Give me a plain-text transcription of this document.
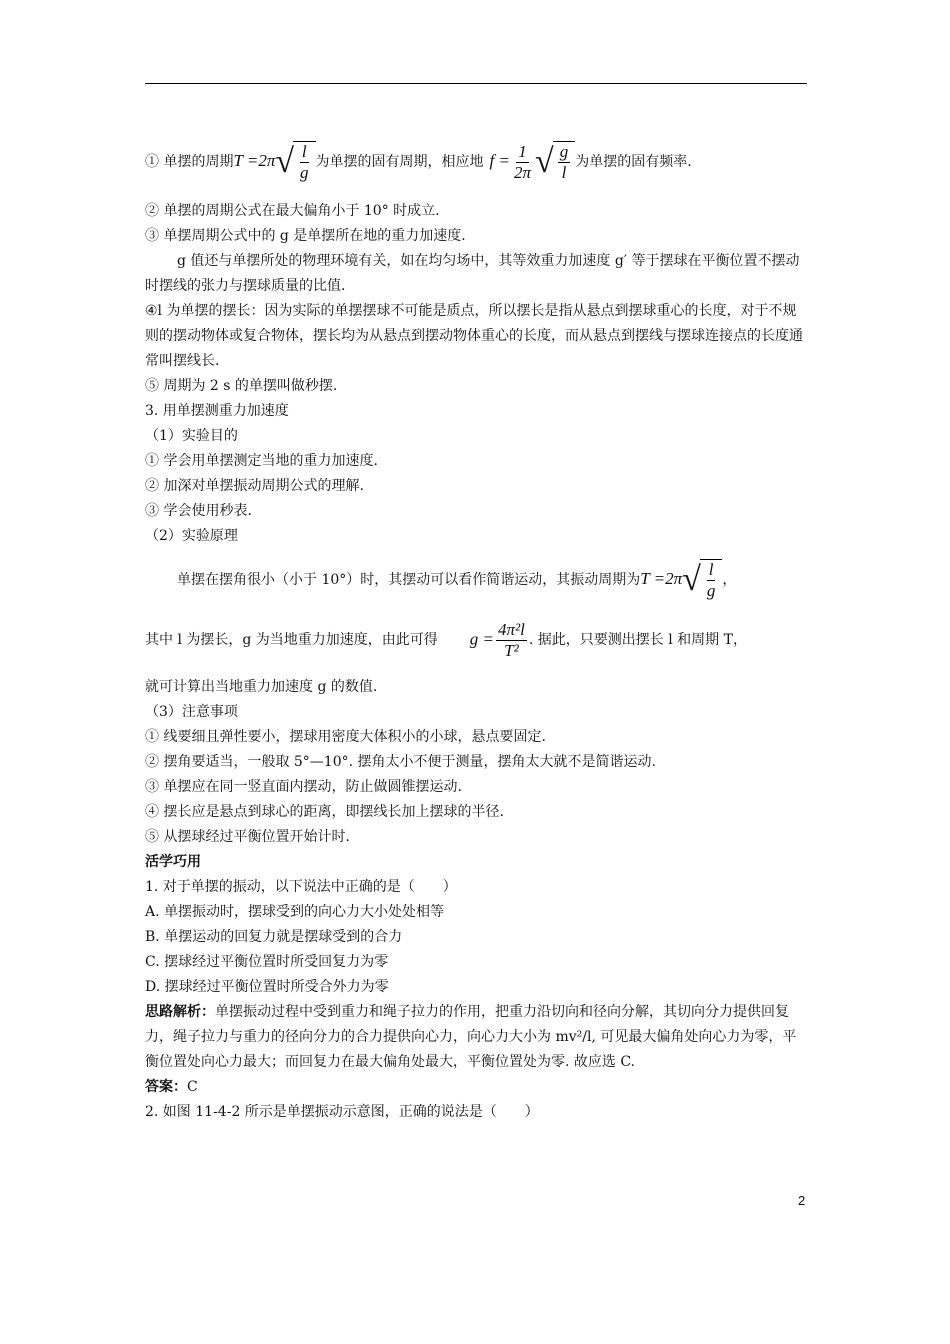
① 单摆的周期 T =2π √ $\frac{l}{g}$ 为单摆的固有周期，相应地 $f = \frac{1}{2\pi}$ √ $\frac{g}{l}$ 为单摆的固有频率.
② 单摆的周期公式在最大偏角小于 10° 时成立.
③ 单摆周期公式中的 g 是单摆所在地的重力加速度.
g 值还与单摆所处的物理环境有关，如在均匀场中，其等效重力加速度 g′ 等于摆球在平衡位置不摆动时摆线的张力与摆球质量的比值.
④l 为单摆的摆长：因为实际的单摆摆球不可能是质点，所以摆长是指从悬点到摆球重心的长度，对于不规则的摆动物体或复合物体，摆长均为从悬点到摆动物体重心的长度，而从悬点到摆线与摆球连接点的长度通常叫摆线长.
⑤ 周期为 2 s 的单摆叫做秒摆.
3. 用单摆测重力加速度
（1）实验目的
① 学会用单摆测定当地的重力加速度.
② 加深对单摆振动周期公式的理解.
③ 学会使用秒表.
（2）实验原理
单摆在摆角很小（小于 10°）时，其摆动可以看作简谐运动，其振动周期为 T =2π √ $\frac{l}{g}$ ，
其中 l 为摆长，g 为当地重力加速度，由此可得 $g = \frac{\text{4π²l}}{\text{T²}}$ . 据此，只要测出摆长 l 和周期 T，
就可计算出当地重力加速度 g 的数值.
（3）注意事项
① 线要细且弹性要小，摆球用密度大体积小的小球，悬点要固定.
② 摆角要适当，一般取 5°—10°. 摆角太小不便于测量，摆角太大就不是简谐运动.
③ 单摆应在同一竖直面内摆动，防止做圆锥摆运动.
④ 摆长应是悬点到球心的距离，即摆线长加上摆球的半径.
⑤ 从摆球经过平衡位置开始计时.
活学巧用
1. 对于单摆的振动，以下说法中正确的是（　　）
A. 单摆振动时，摆球受到的向心力大小处处相等
B. 单摆运动的回复力就是摆球受到的合力
C. 摆球经过平衡位置时所受回复力为零
D. 摆球经过平衡位置时所受合外力为零
思路解析：单摆振动过程中受到重力和绳子拉力的作用，把重力沿切向和径向分解，其切向分力提供回复力，绳子拉力与重力的径向分力的合力提供向心力，向心力大小为 mv²/l, 可见最大偏角处向心力为零，平衡位置处向心力最大；而回复力在最大偏角处最大，平衡位置处为零. 故应选 C.
答案：C
2. 如图 11-4-2 所示是单摆振动示意图，正确的说法是（　　）
2
